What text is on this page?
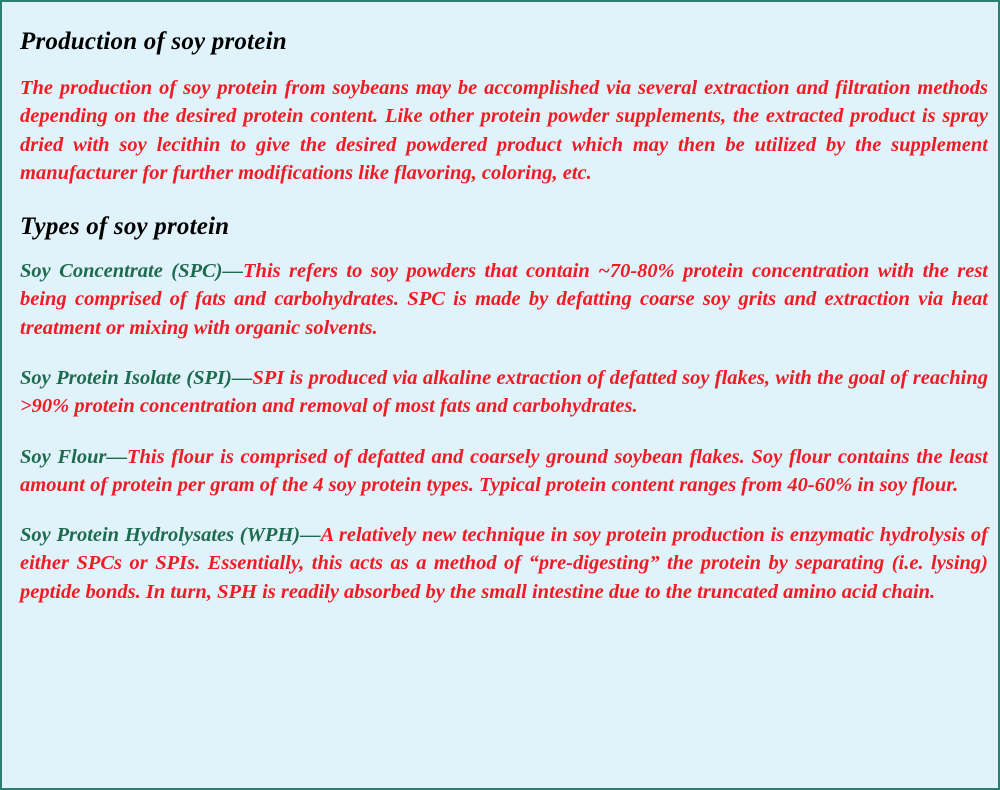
Production of soy protein

The production of soy protein from soybeans may be accomplished via several extraction and filtration methods depending on the desired protein content. Like other protein powder supplements, the extracted product is spray dried with soy lecithin to give the desired powdered product which may then be utilized by the supplement manufacturer for further modifications like flavoring, coloring, etc.

Types of soy protein

Soy Concentrate (SPC)—This refers to soy powders that contain ~70-80% protein concentration with the rest being comprised of fats and carbohydrates. SPC is made by defatting coarse soy grits and extraction via heat treatment or mixing with organic solvents.

Soy Protein Isolate (SPI)—SPI is produced via alkaline extraction of defatted soy flakes, with the goal of reaching >90% protein concentration and removal of most fats and carbohydrates.

Soy Flour—This flour is comprised of defatted and coarsely ground soybean flakes. Soy flour contains the least amount of protein per gram of the 4 soy protein types. Typical protein content ranges from 40-60% in soy flour.

Soy Protein Hydrolysates (WPH)—A relatively new technique in soy protein production is enzymatic hydrolysis of either SPCs or SPIs. Essentially, this acts as a method of “pre-digesting” the protein by separating (i.e. lysing) peptide bonds. In turn, SPH is readily absorbed by the small intestine due to the truncated amino acid chain.
